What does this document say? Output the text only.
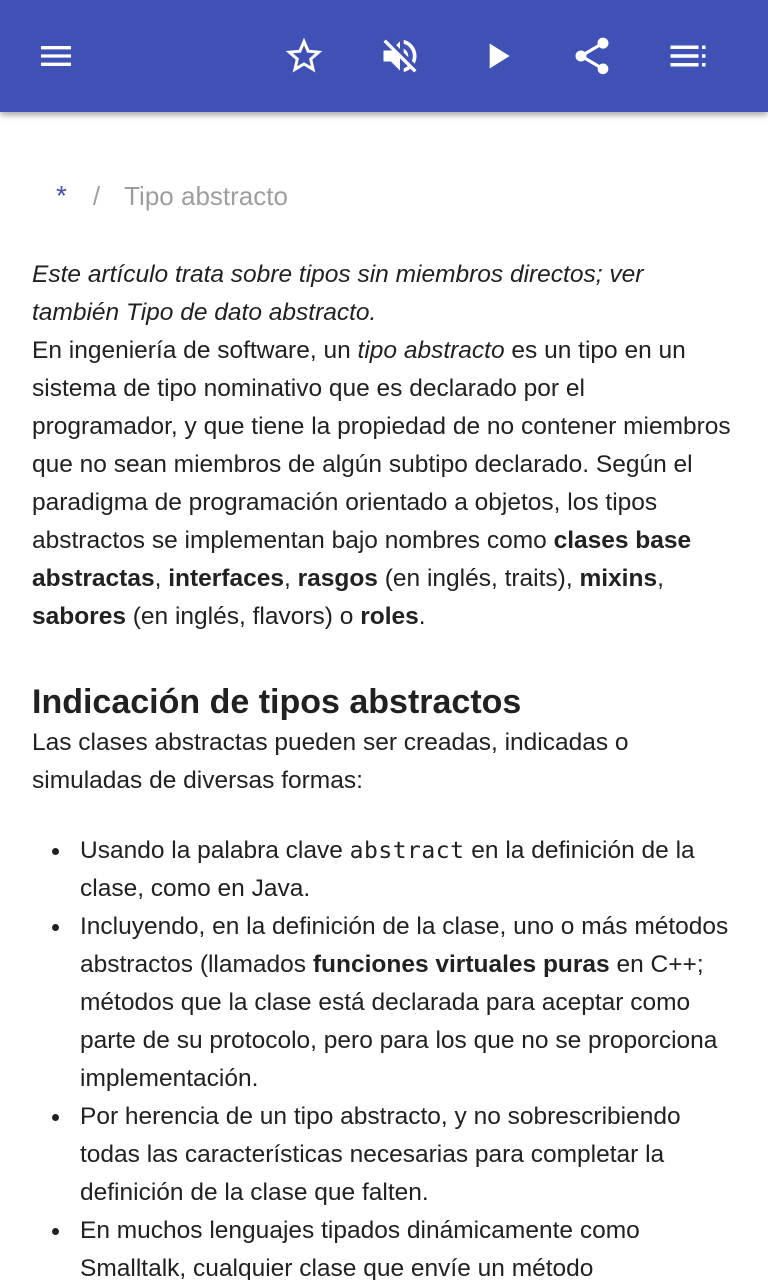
* / Tipo abstracto

Este artículo trata sobre tipos sin miembros directos; ver también Tipo de dato abstracto.

En ingeniería de software, un tipo abstracto es un tipo en un sistema de tipo nominativo que es declarado por el programador, y que tiene la propiedad de no contener miembros que no sean miembros de algún subtipo declarado. Según el paradigma de programación orientado a objetos, los tipos abstractos se implementan bajo nombres como clases base abstractas, interfaces, rasgos (en inglés, traits), mixins, sabores (en inglés, flavors) o roles.

Indicación de tipos abstractos

Las clases abstractas pueden ser creadas, indicadas o simuladas de diversas formas:

Usando la palabra clave abstract en la definición de la clase, como en Java.
Incluyendo, en la definición de la clase, uno o más métodos abstractos (llamados funciones virtuales puras en C++; métodos que la clase está declarada para aceptar como parte de su protocolo, pero para los que no se proporciona implementación.
Por herencia de un tipo abstracto, y no sobrescribiendo todas las características necesarias para completar la definición de la clase que falten.
En muchos lenguajes tipados dinámicamente como Smalltalk, cualquier clase que envíe un método
